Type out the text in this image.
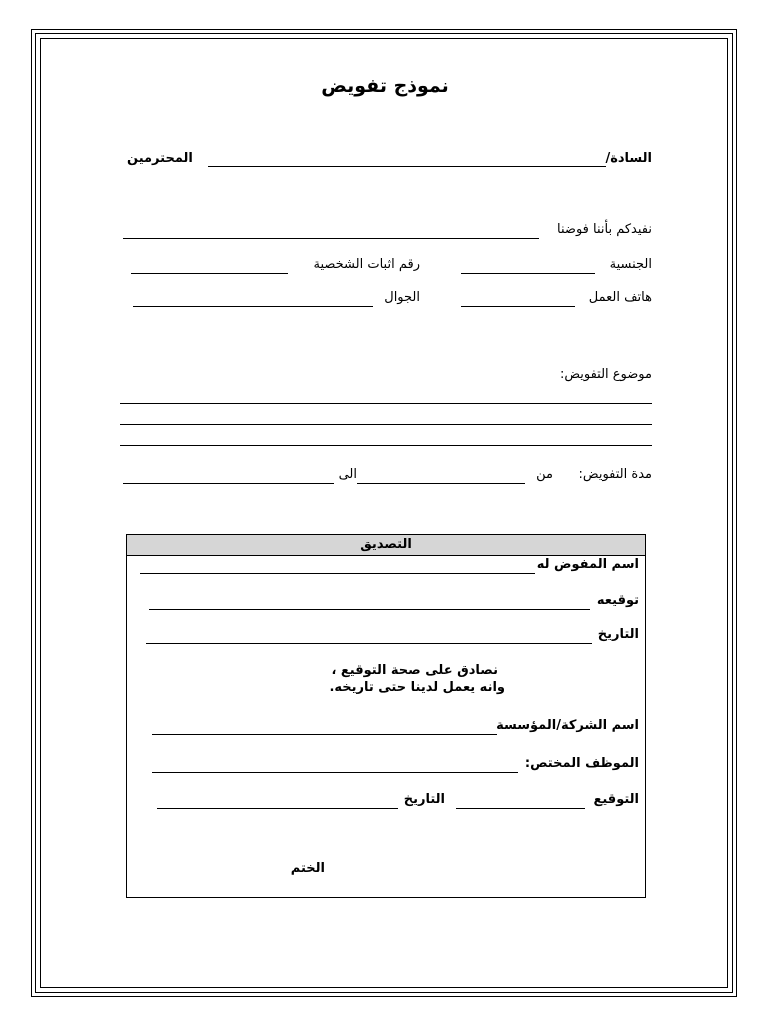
نموذج تفويض
السادة/
المحترمين
نفيدكم بأننا فوضنا
الجنسية
رقم اثبات الشخصية
هاتف العمل
الجوال
موضوع التفويض:
مدة التفويض:
من
الى
التصديق
اسم المفوض له
توقيعه
التاريخ
نصادق على صحة التوقيع ،
وانه يعمل لدينا حتى تاريخه.
اسم الشركة/المؤسسة
الموظف المختص:
التوقيع
التاريخ
الختم
